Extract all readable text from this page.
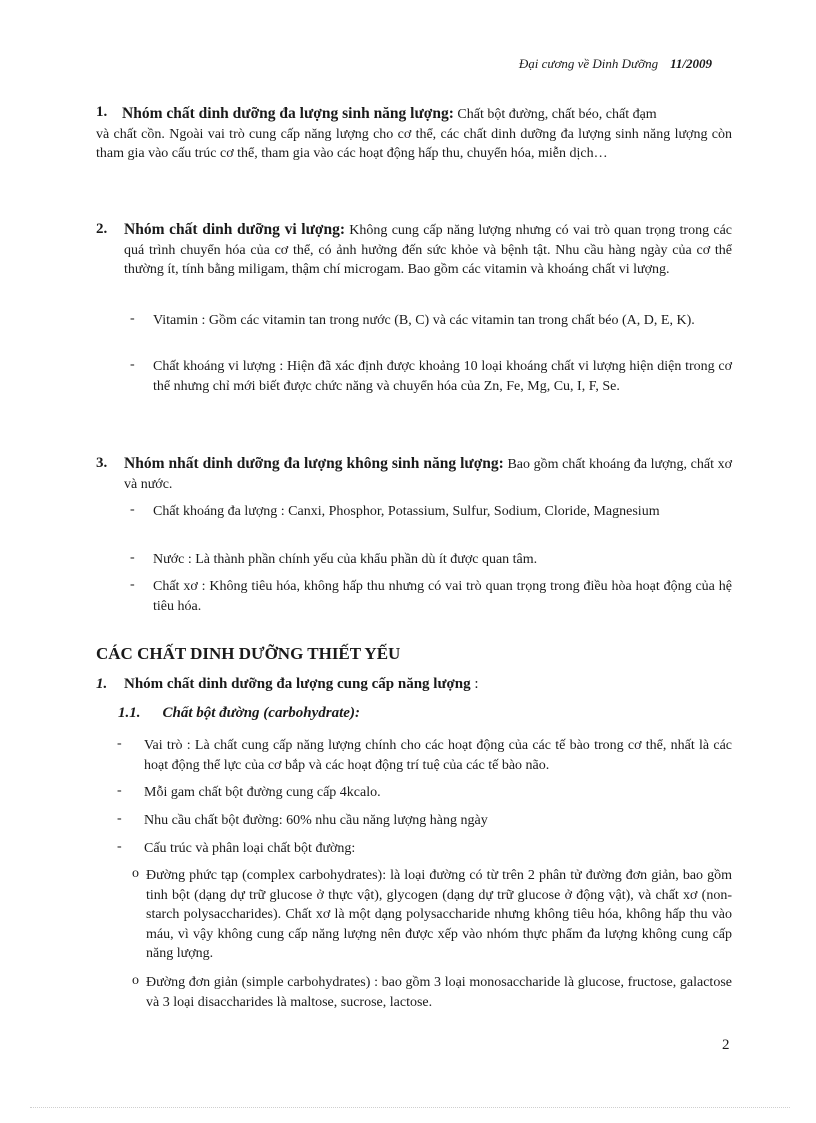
Đại cương về Dinh Dưỡng 11/2009
1. Nhóm chất dinh dưỡng đa lượng sinh năng lượng: Chất bột đường, chất béo, chất đạm

và chất cồn. Ngoài vai trò cung cấp năng lượng cho cơ thể, các chất dinh dưỡng đa lượng sinh năng lượng còn tham gia vào cấu trúc cơ thể, tham gia vào các hoạt động hấp thu, chuyển hóa, miễn dịch…

2.	Nhóm chất dinh dưỡng vi lượng: Không cung cấp năng lượng nhưng có vai trò quan trọng trong các quá trình chuyển hóa của cơ thể, có ảnh hưởng đến sức khỏe và bệnh tật. Nhu cầu hàng ngày của cơ thể thường ít, tính bằng miligam, thậm chí microgam. Bao gồm các vitamin và khoáng chất vi lượng.

- Vitamin : Gồm các vitamin tan trong nước (B, C) và các vitamin tan trong chất béo (A, D, E, K).
- Chất khoáng vi lượng : Hiện đã xác định được khoảng 10 loại khoáng chất vi lượng hiện diện trong cơ thể nhưng chỉ mới biết được chức năng và chuyển hóa của Zn, Fe, Mg, Cu, I, F, Se.
3.	Nhóm nhất dinh dưỡng đa lượng không sinh năng lượng: Bao gồm chất khoáng đa lượng, chất xơ và nước.

- Chất khoáng đa lượng : Canxi, Phosphor, Potassium, Sulfur, Sodium, Cloride, Magnesium
- Nước : Là thành phần chính yếu của khẩu phần dù ít được quan tâm.
- Chất xơ : Không tiêu hóa, không hấp thu nhưng có vai trò quan trọng trong điều hòa hoạt động của hệ tiêu hóa.
CÁC CHẤT DINH DƯỠNG THIẾT YẾU
1. Nhóm chất dinh dưỡng đa lượng cung cấp năng lượng :
1.1. Chất bột đường (carbohydrate):
- Vai trò : Là chất cung cấp năng lượng chính cho các hoạt động của các tế bào trong cơ thể, nhất là các hoạt động thể lực của cơ bắp và các hoạt động trí tuệ của các tế bào não.
- Mỗi gam chất bột đường cung cấp 4kcalo.
- Nhu cầu chất bột đường: 60% nhu cầu năng lượng hàng ngày
- Cấu trúc và phân loại chất bột đường:
o Đường phức tạp (complex carbohydrates): là loại đường có từ trên 2 phân tử đường đơn giản, bao gồm tinh bột (dạng dự trữ glucose ở thực vật), glycogen (dạng dự trữ glucose ở động vật), và chất xơ (non-starch polysaccharides). Chất xơ là một dạng polysaccharide nhưng không tiêu hóa, không hấp thu vào máu, vì vậy không cung cấp năng lượng nên được xếp vào nhóm thực phẩm đa lượng không cung cấp năng lượng.
o Đường đơn giản (simple carbohydrates) : bao gồm 3 loại monosaccharide là glucose, fructose, galactose và 3 loại disaccharides là maltose, sucrose, lactose.
2
